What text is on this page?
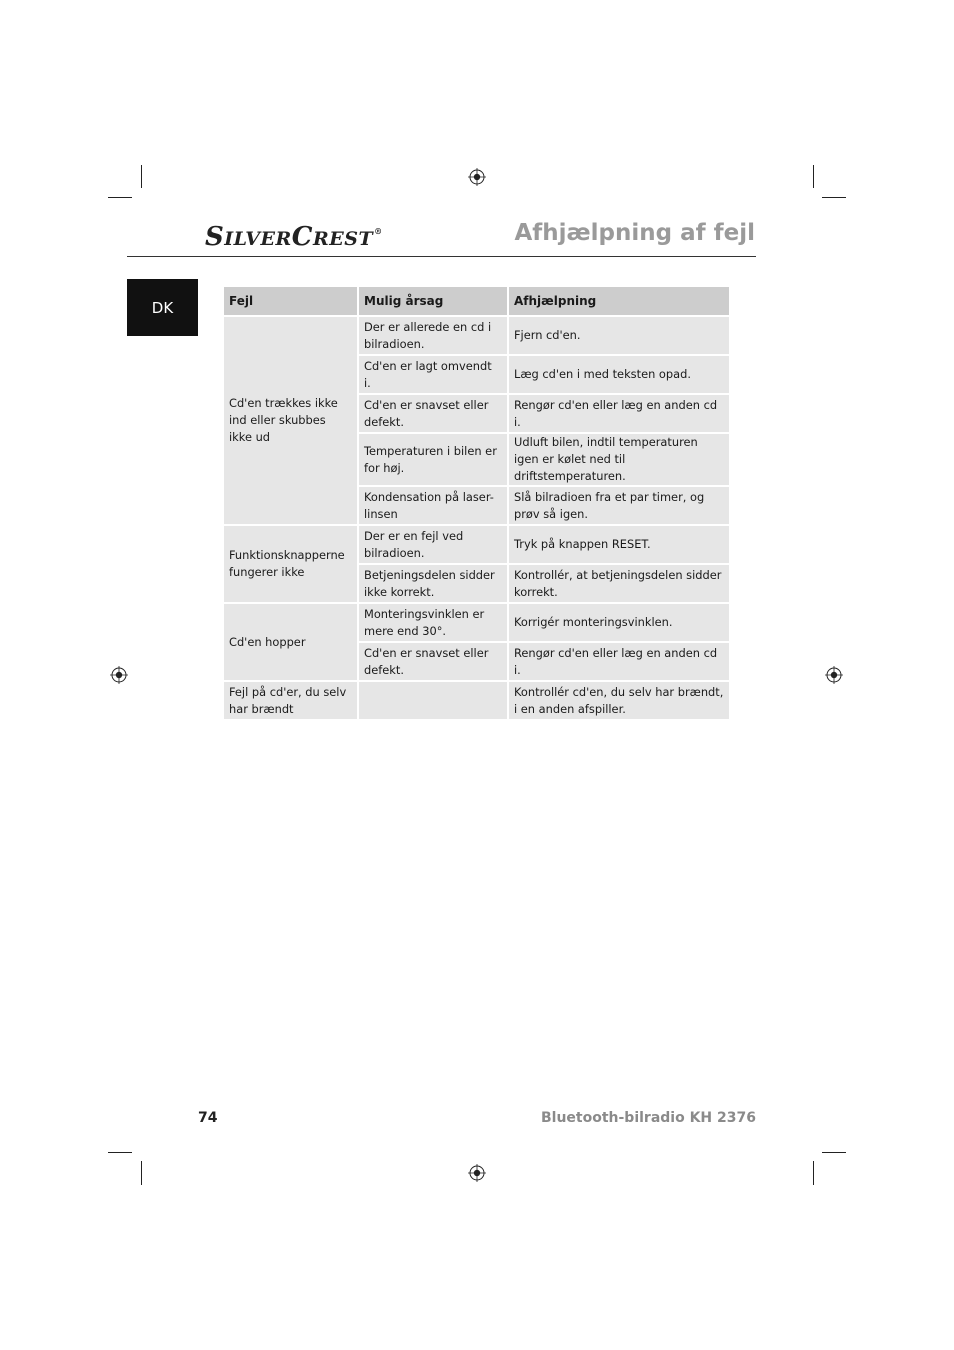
SILVERCREST®	Afhjælpning af fejl
DK	Fejl	Mulig årsag	Afhjælpning
Cd'en trækkes ikke ind eller skubbes ikke ud	Der er allerede en cd i bilradioen.	Fjern cd'en.
	Cd'en er lagt omvendt i.	Læg cd'en i med teksten opad.
	Cd'en er snavset eller defekt.	Rengør cd'en eller læg en anden cd i.
	Temperaturen i bilen er for høj.	Udluft bilen, indtil temperaturen igen er kølet ned til driftstemperaturen.
	Kondensation på laser-linsen	Slå bilradioen fra et par timer, og prøv så igen.
Funktionsknapperne fungerer ikke	Der er en fejl ved bilradioen.	Tryk på knappen RESET.
	Betjeningsdelen sidder ikke korrekt.	Kontrollér, at betjeningsdelen sidder korrekt.
Cd'en hopper	Monteringsvinklen er mere end 30°.	Korrigér monteringsvinklen.
	Cd'en er snavset eller defekt.	Rengør cd'en eller læg en anden cd i.
Fejl på cd'er, du selv har brændt		Kontrollér cd'en, du selv har brændt, i en anden afspiller.
74	Bluetooth-bilradio KH 2376
